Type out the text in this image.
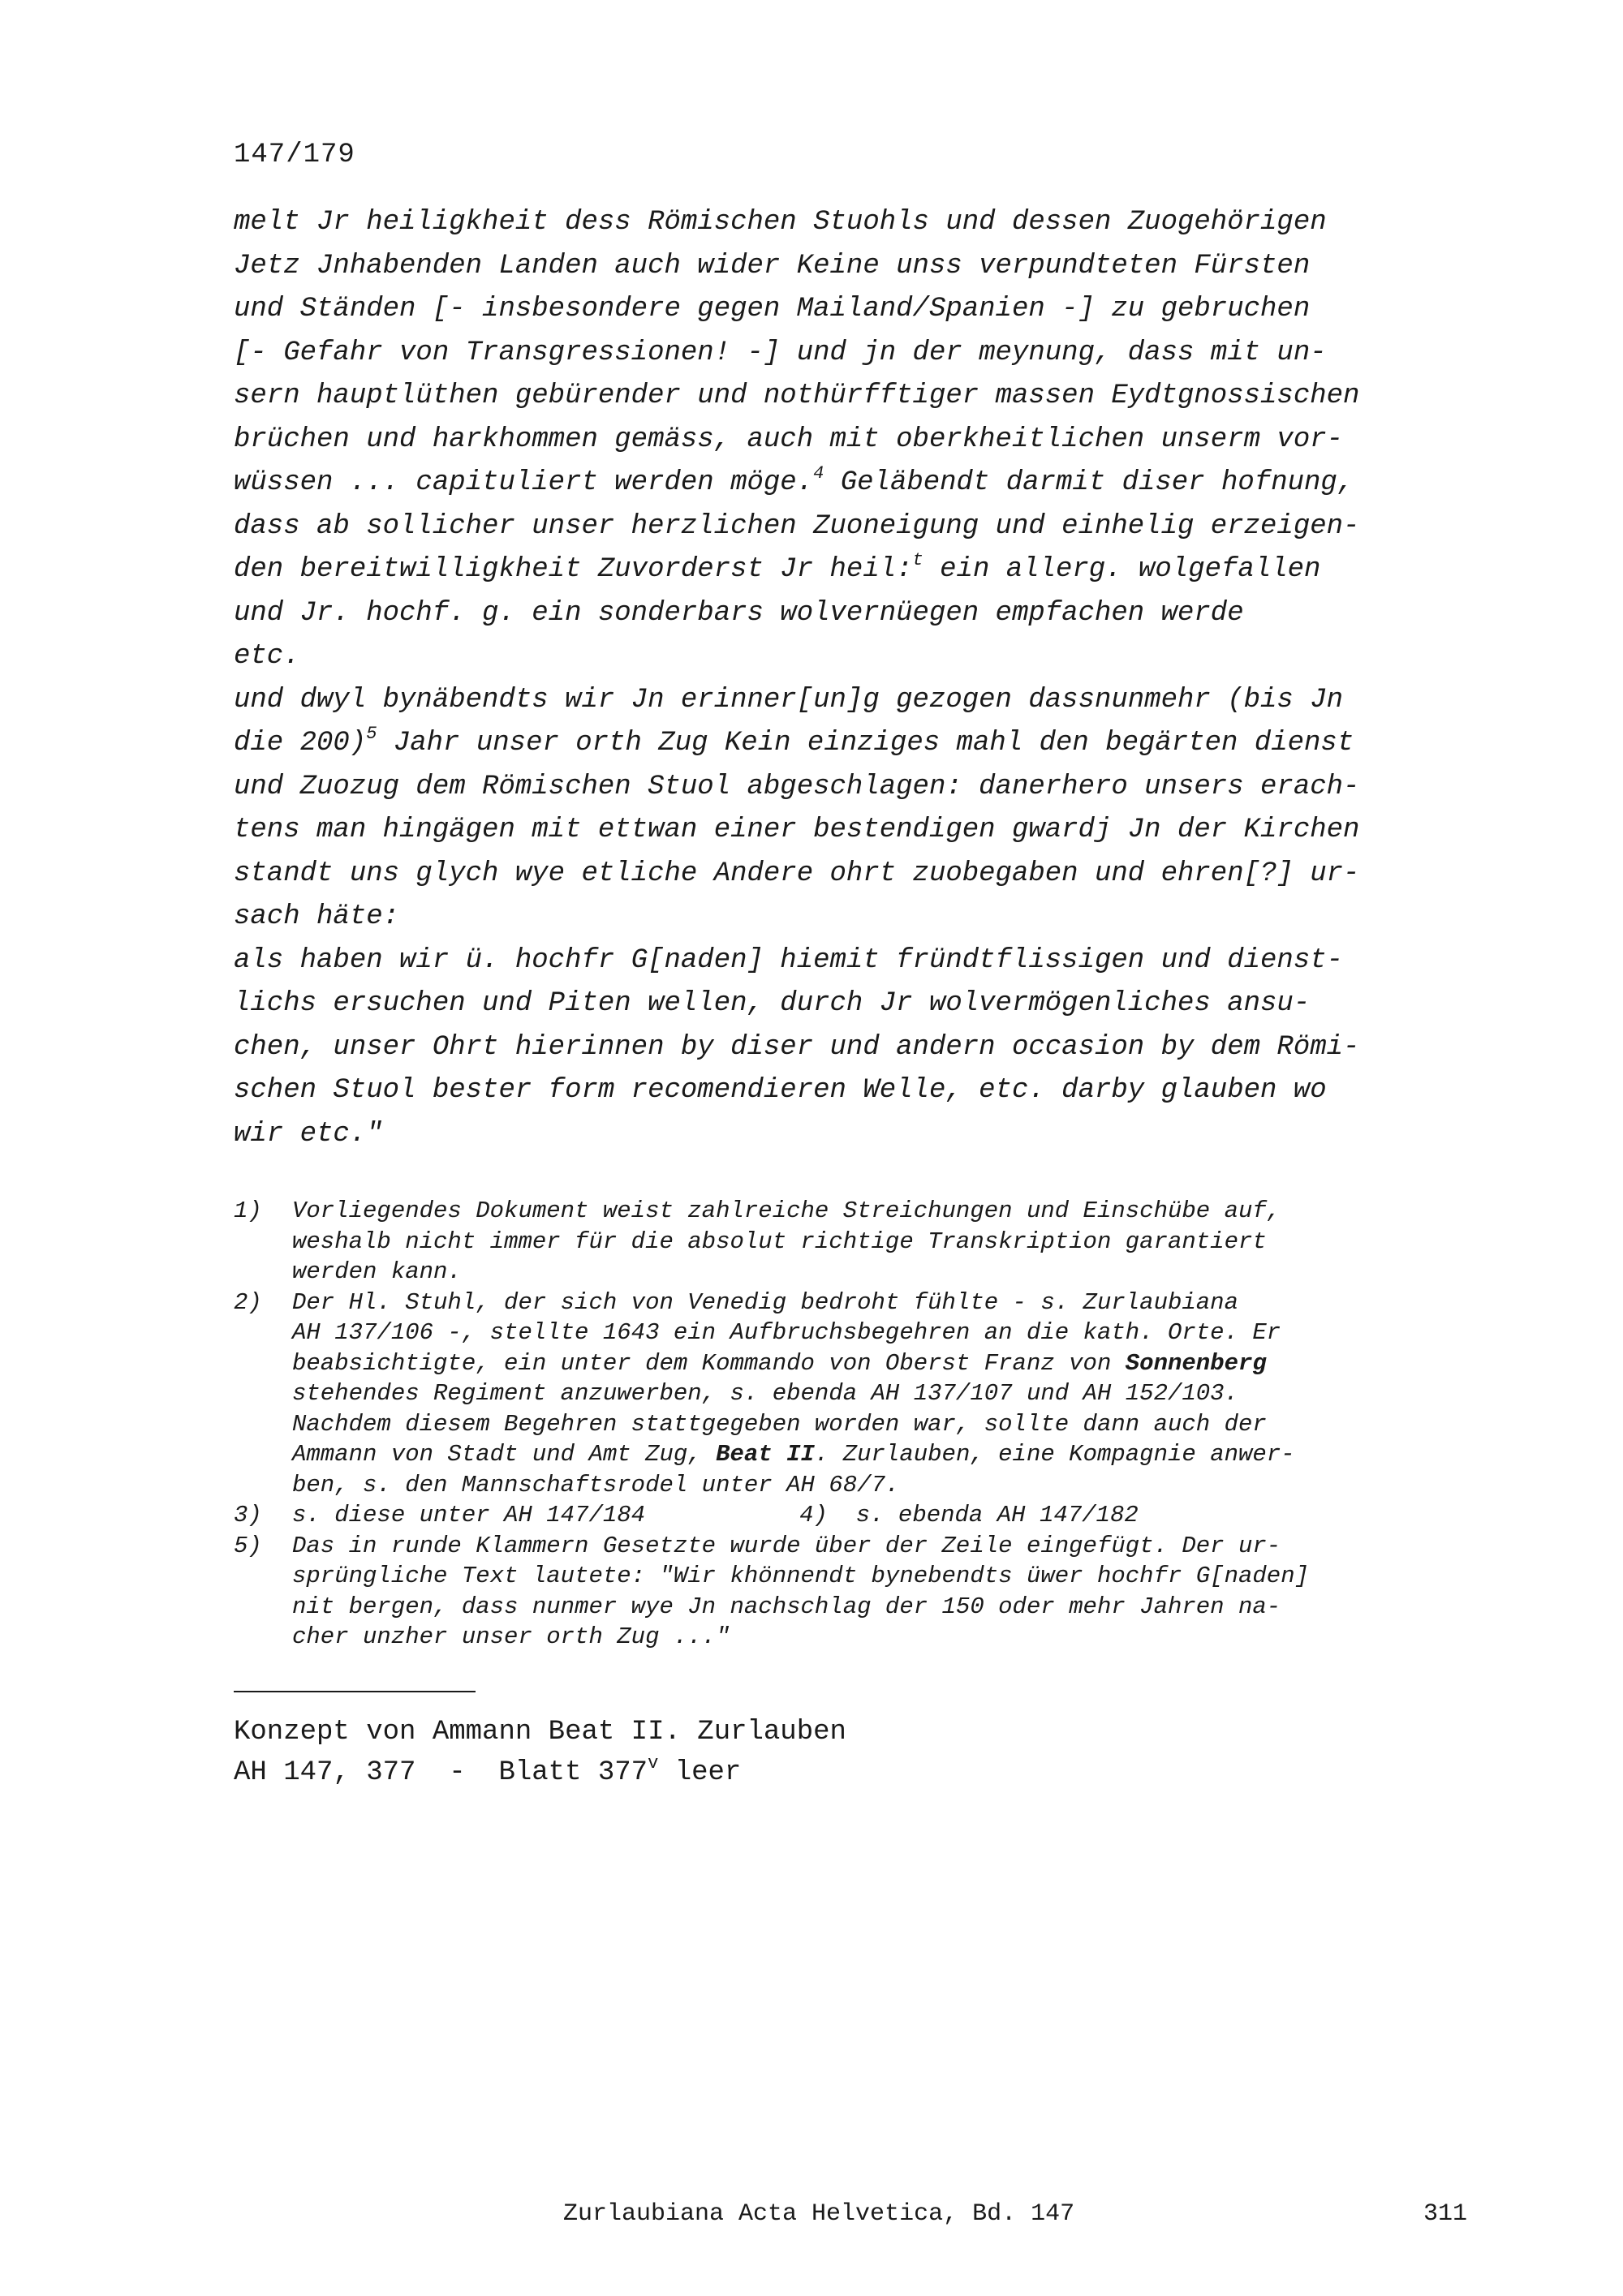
147/179
melt Jr heiligkheit dess Römischen Stuohls und dessen Zuogehörigen
Jetz Jnhabenden Landen auch wider Keine unss verpundteten Fürsten
und Ständen [- insbesondere gegen Mailand/Spanien -] zu gebruchen
[- Gefahr von Transgressionen! -] und jn der meynung, dass mit un-
sern hauptlüthen gebürender und nothürfftiger massen Eydtgnossischen
brüchen und harkhommen gemäss, auch mit oberkheitlichen unserm vor-
wüssen ... capituliert werden möge.$^4$ Geläbendt darmit diser hofnung,
dass ab sollicher unser herzlichen Zuoneigung und einhelig erzeigen-
den bereitwilligkheit Zuvorderst Jr heil:$^t$ ein allerg. wolgefallen
und Jr. hochf. g. ein sonderbars wolvernüegen empfachen werde
etc.
und dwyl bynäbendts wir Jn erinner[un]g gezogen dassnunmehr (bis Jn
die 200)$^5$ Jahr unser orth Zug Kein einziges mahl den begärten dienst
und Zuozug dem Römischen Stuol abgeschlagen: danerhero unsers erach-
tens man hingägen mit ettwan einer bestendigen gwardj Jn der Kirchen
standt uns glych wye etliche Andere ohrt zuobegaben und ehren[?] ur-
sach häte:
als haben wir ü. hochfr G[naden] hiemit fründtflissigen und dienst-
lichs ersuchen und Piten wellen, durch Jr wolvermögenliches ansu-
chen, unser Ohrt hierinnen by diser und andern occasion by dem Römi-
schen Stuol bester form recomendieren Welle, etc. darby glauben wo
wir etc."
1) Vorliegendes Dokument weist zahlreiche Streichungen und Einschübe auf,
weshalb nicht immer für die absolut richtige Transkription garantiert
werden kann.
2) Der Hl. Stuhl, der sich von Venedig bedroht fühlte - s. Zurlaubiana
AH 137/106 -, stellte 1643 ein Aufbruchsbegehren an die kath. Orte. Er
beabsichtigte, ein unter dem Kommando von Oberst Franz von Sonnenberg
stehendes Regiment anzuwerben, s. ebenda AH 137/107 und AH 152/103.
Nachdem diesem Begehren stattgegeben worden war, sollte dann auch der
Ammann von Stadt und Amt Zug, Beat II. Zurlauben, eine Kompagnie anwer-
ben, s. den Mannschaftsrodel unter AH 68/7.
3) s. diese unter AH 147/184	4) s. ebenda AH 147/182
5) Das in runde Klammern Gesetzte wurde über der Zeile eingefügt. Der ur-
sprüngliche Text lautete: "Wir khönnendt bynebendts üwer hochfr G[naden]
nit bergen, dass nunmer wye Jn nachschlag der 150 oder mehr Jahren na-
cher unzher unser orth Zug ..."
Konzept von Ammann Beat II. Zurlauben
AH 147, 377  -  Blatt 377$^v$ leer
Zurlaubiana Acta Helvetica, Bd. 147	311
